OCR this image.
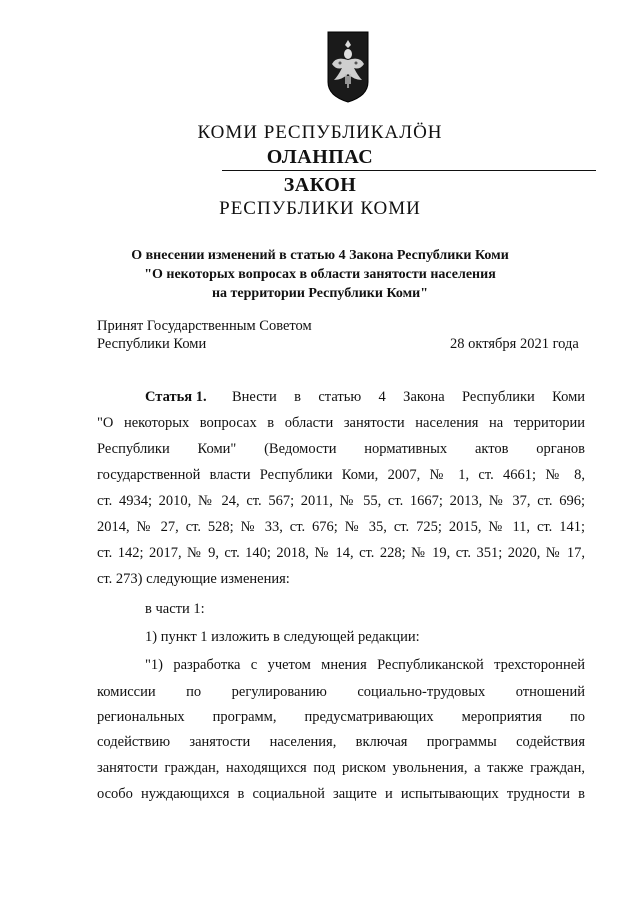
КОМИ РЕСПУБЛИКАЛӦН
ОЛАНПАС
ЗАКОН
РЕСПУБЛИКИ КОМИ
О внесении изменений в статью 4 Закона Республики Коми
"О некоторых вопросах в области занятости населения
на территории Республики Коми"
Принят Государственным Советом
Республики Коми	28 октября 2021 года
Статья 1. Внести в статью 4 Закона Республики Коми
"О некоторых вопросах в области занятости населения на территории
Республики Коми" (Ведомости нормативных актов органов
государственной власти Республики Коми, 2007, № 1, ст. 4661; № 8,
ст. 4934; 2010, № 24, ст. 567; 2011, № 55, ст. 1667; 2013, № 37, ст. 696;
2014, № 27, ст. 528; № 33, ст. 676; № 35, ст. 725; 2015, № 11, ст. 141;
ст. 142; 2017, № 9, ст. 140; 2018, № 14, ст. 228; № 19, ст. 351; 2020, № 17,
ст. 273) следующие изменения:
в части 1:
1) пункт 1 изложить в следующей редакции:
"1) разработка с учетом мнения Республиканской трехсторонней
комиссии по регулированию социально-трудовых отношений
региональных программ, предусматривающих мероприятия по
содействию занятости населения, включая программы содействия
занятости граждан, находящихся под риском увольнения, а также граждан,
особо нуждающихся в социальной защите и испытывающих трудности в
